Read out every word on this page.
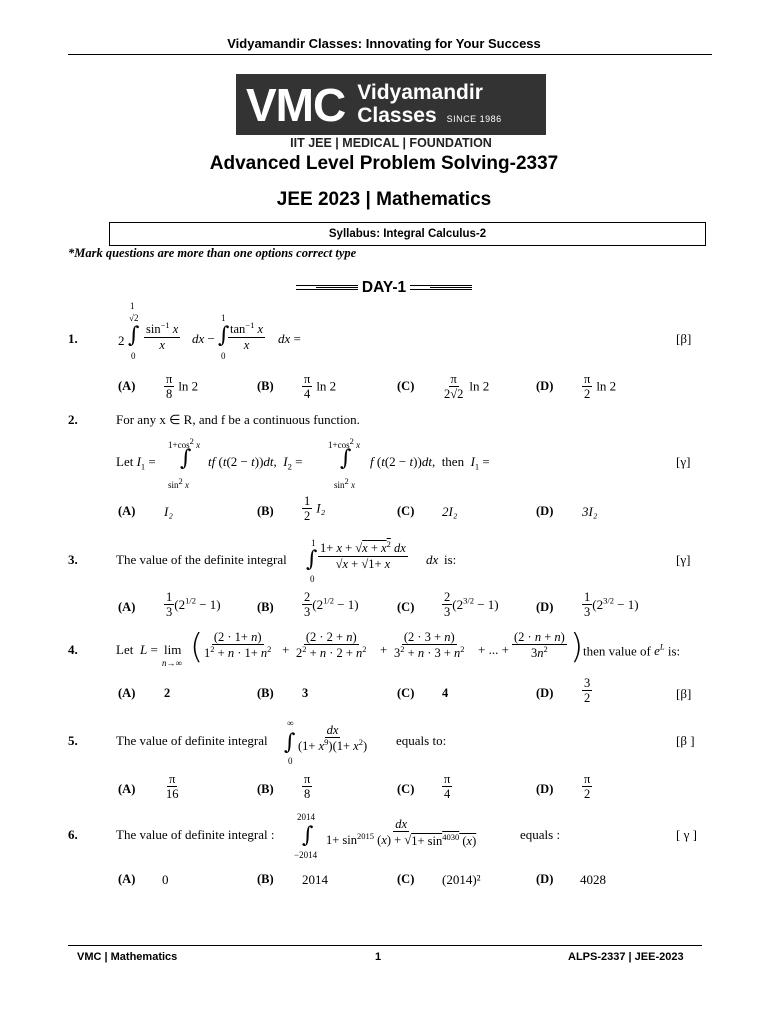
Vidyamandir Classes: Innovating for Your Success
VMC Vidyamandir
Classes SINCE 1986
IIT JEE | MEDICAL | FOUNDATION
Advanced Level Problem Solving-2337
JEE 2023 | Mathematics
Syllabus: Integral Calculus-2
*Mark questions are more than one options correct type
DAY-1
1.	2
1
√2
∫
0
$\frac{\sin^{-1} x}{x}$ dx −
1
∫
0
$\frac{\tan^{-1} x}{x}$ dx =	[β]
$(A) \frac{\pi}{8}$ ln 2	$(B) \frac{\pi}{4}$ ln 2	$(C) \frac{\pi}{2√2}$ ln 2	$(D) \frac{\pi}{2}$ ln 2
2.	For any x ∈ R, and f be a continuous function.
Let $I_1$ =
$1+\cos^2$ x
∫
$\sin^2 x$
tf (t(2 − t))dt,  $I_2$ =
$1+\cos^2$ x
∫
$\sin^2 x$
f (t(2 − t))dt,  then  $I_1$ =	[γ]
(A) I₂	$(B) \frac{1}{2} I_2$	(C) 2I₂	(D) 3I₂
3.	The value of the definite integral
1
∫
0
$\frac{1+ x + √x + x^2 dx}{√x + √1+ x}$ dx is:	[γ]
$(A) \frac{1}{3} (2^{1/2} - 1)$	$(B) \frac{2}{3} (2^{1/2} - 1)$	$(C) \frac{2}{3} (2^{3/2} - 1)$	$(D) \frac{1}{3} (2^{3/2} - 1)$
4.	Let L = lim
n→∞ (
$\frac{(2 \cdot 1+ n)}{1^2 + n \cdot 1+ n^2} + \frac{(2 \cdot 2 + n)}{2^2 + n \cdot 2 + n^2} + \frac{(2 \cdot 3 + n)}{3^2 + n \cdot 3 + n^2}$ + ... + $\frac{(2 \cdot n + n)}{3n^2}$ ) then value of $e^L$ is:
(A) 2	(B) 3	(C) 4	$(D) \frac{3}{2}$	[β]
5.	The value of definite integral
∞
∫
0
$\frac{dx}{(1+ x^9)(1+ x^2)}$ equals to:	[β ]
$(A) \frac{\pi}{16}$	$(B) \frac{\pi}{8}$	$(C) \frac{\pi}{4}$	$(D) \frac{\pi}{2}$
6.	The value of definite integral :
2014
∫
−2014
$\frac{dx}{1+ \sin^{2015} (x) + √1+ \sin^{4030} (x)}$	equals :	[ γ ]
(A) 0	(B) 2014	(C) (2014)²	(D) 4028
VMC | Mathematics	1	ALPS-2337 | JEE-2023
